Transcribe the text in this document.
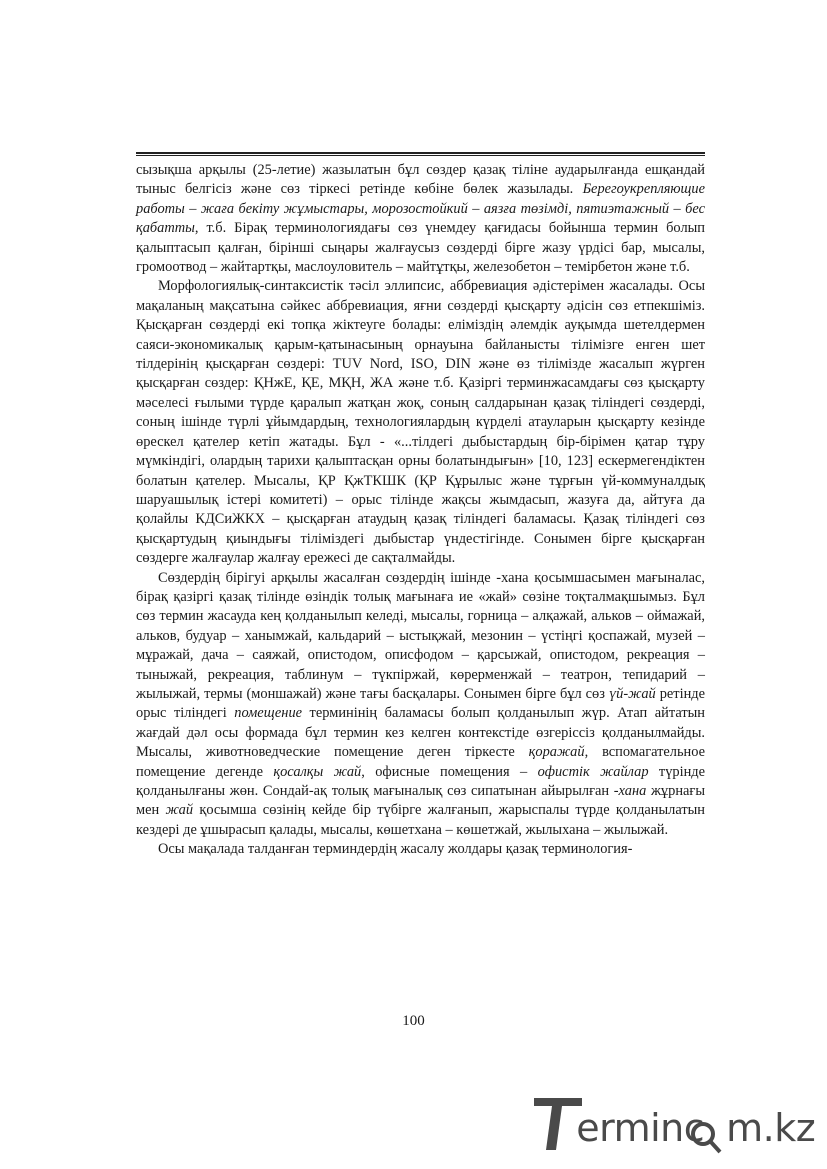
сызықша арқылы (25-летие) жазылатын бұл сөздер қазақ тіліне аударылғанда ешқандай тыныс белгісіз және сөз тіркесі ретінде көбіне бөлек жазылады. Берегоукрепляющие работы – жаға бекіту жұмыстары, морозостойкий – аязға төзімді, пятиэтажный – бес қабатты, т.б. Бірақ терминологиядағы сөз үнемдеу қағидасы бойынша термин болып қалыптасып қалған, бірінші сыңары жалғаусыз сөздерді бірге жазу үрдісі бар, мысалы, громоотвод – жайтартқы, маслоуловитель – майтұтқы, железобетон – темірбетон және т.б.

Морфологиялық-синтаксистік тәсіл эллипсис, аббревиация әдістерімен жасалады. Осы мақаланың мақсатына сәйкес аббревиация, яғни сөздерді қысқарту әдісін сөз етпекшіміз. Қысқарған сөздерді екі топқа жіктеуге болады: еліміздің әлемдік ауқымда шетелдермен саяси-экономикалық қарым-қатынасының орнауына байланысты тілімізге енген шет тілдерінің қысқарған сөздері: TUV Nord, ISO, DIN және өз тілімізде жасалып жүрген қысқарған сөздер: ҚНжЕ, ҚЕ, МҚН, ЖА және т.б. Қазіргі терминжасамдағы сөз қысқарту мәселесі ғылыми түрде қаралып жатқан жоқ, соның салдарынан қазақ тіліндегі сөздерді, соның ішінде түрлі ұйымдардың, технологиялардың күрделі атауларын қысқарту кезінде өрескел қателер кетіп жатады. Бұл - «...тілдегі дыбыстардың бір-бірімен қатар тұру мүмкіндігі, олардың тарихи қалыптасқан орны болатындығын» [10, 123] ескермегендіктен болатын қателер. Мысалы, ҚР ҚжТКШК (ҚР Құрылыс және тұрғын үй-коммуналдық шаруашылық істері комитеті) – орыс тілінде жақсы жымдасып, жазуға да, айтуға да қолайлы КДСиЖКХ – қысқарған атаудың қазақ тіліндегі баламасы. Қазақ тіліндегі сөз қысқартудың қиындығы тіліміздегі дыбыстар үндестігінде. Сонымен бірге қысқарған сөздерге жалғаулар жалғау ережесі де сақталмайды.

Сөздердің бірігуі арқылы жасалған сөздердің ішінде -хана қосымшасымен мағыналас, бірақ қазіргі қазақ тілінде өзіндік толық мағынаға ие «жай» сөзіне тоқталмақшымыз. Бұл сөз термин жасауда кең қолданылып келеді, мысалы, горница – алқажай, альков – оймажай, альков, будуар – ханымжай, кальдарий – ыстықжай, мезонин – үстіңгі қоспажай, музей – мұражай, дача – саяжай, опистодом, описфодом – қарсыжай, опистодом, рекреация – тыныжай, рекреация, таблинум – түкпіржай, көрерменжай – театрон, тепидарий – жылыжай, термы (моншажай) және тағы басқалары. Сонымен бірге бұл сөз үй-жай ретінде орыс тіліндегі помещение терминінің баламасы болып қолданылып жүр. Атап айтатын жағдай дәл осы формада бұл термин кез келген контекстіде өзгеріссіз қолданылмайды. Мысалы, животноведческие помещение деген тіркесте қоражай, вспомагательное помещение дегенде қосалқы жай, офисные помещения – офистік жайлар түрінде қолданылғаны жөн. Сондай-ақ толық мағыналық сөз сипатынан айырылған -хана жұрнағы мен жай қосымша сөзінің кейде бір түбірге жалғанып, жарыспалы түрде қолданылатын кездері де ұшырасып қалады, мысалы, көшетхана – көшетжай, жылыхана – жылыжай.

Осы мақалада талданған терминдердің жасалу жолдары қазақ терминология-

100
erminc m.kz
